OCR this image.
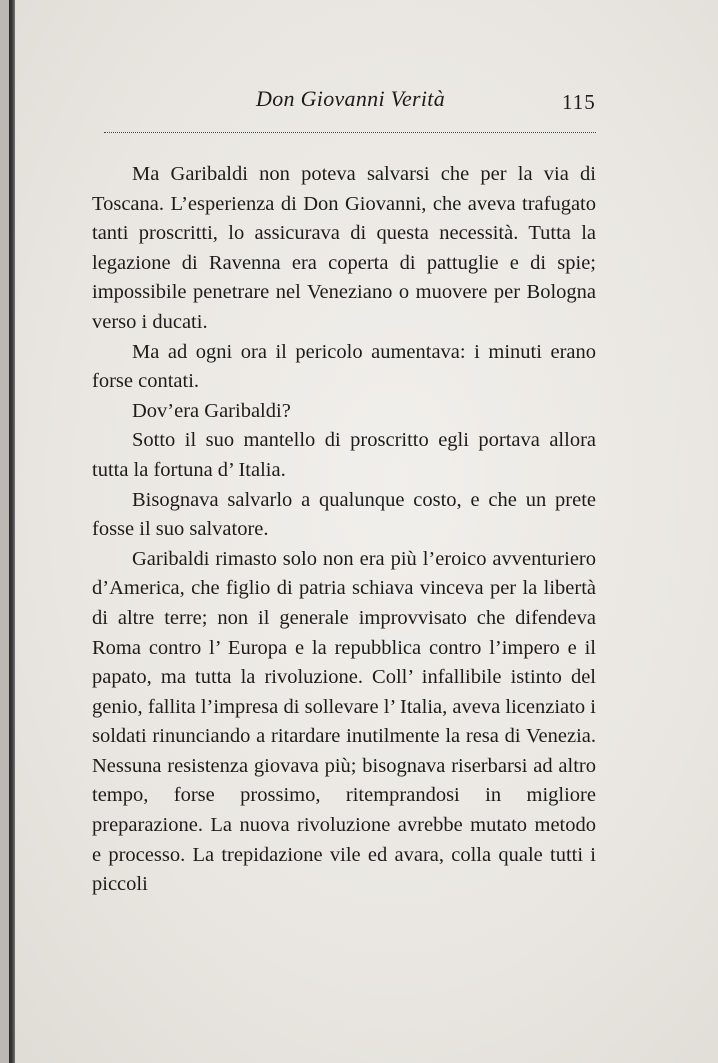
Don Giovanni Verità	115

Ma Garibaldi non poteva salvarsi che per la via di Toscana. L’esperienza di Don Giovanni, che aveva trafugato tanti proscritti, lo assicurava di questa necessità. Tutta la legazione di Ravenna era coperta di pattuglie e di spie; impossibile penetrare nel Veneziano o muovere per Bologna verso i ducati.

Ma ad ogni ora il pericolo aumentava: i minuti erano forse contati.

Dov’era Garibaldi?

Sotto il suo mantello di proscritto egli portava allora tutta la fortuna d’ Italia.

Bisognava salvarlo a qualunque costo, e che un prete fosse il suo salvatore.

Garibaldi rimasto solo non era più l’eroico avventuriero d’America, che figlio di patria schiava vinceva per la libertà di altre terre; non il generale improvvisato che difendeva Roma contro l’ Europa e la repubblica contro l’impero e il papato, ma tutta la rivoluzione. Coll’ infallibile istinto del genio, fallita l’impresa di sollevare l’ Italia, aveva licenziato i soldati rinunciando a ritardare inutilmente la resa di Venezia. Nessuna resistenza giovava più; bisognava riserbarsi ad altro tempo, forse prossimo, ritemprandosi in migliore preparazione. La nuova rivoluzione avrebbe mutato metodo e processo. La trepidazione vile ed avara, colla quale tutti i piccoli
